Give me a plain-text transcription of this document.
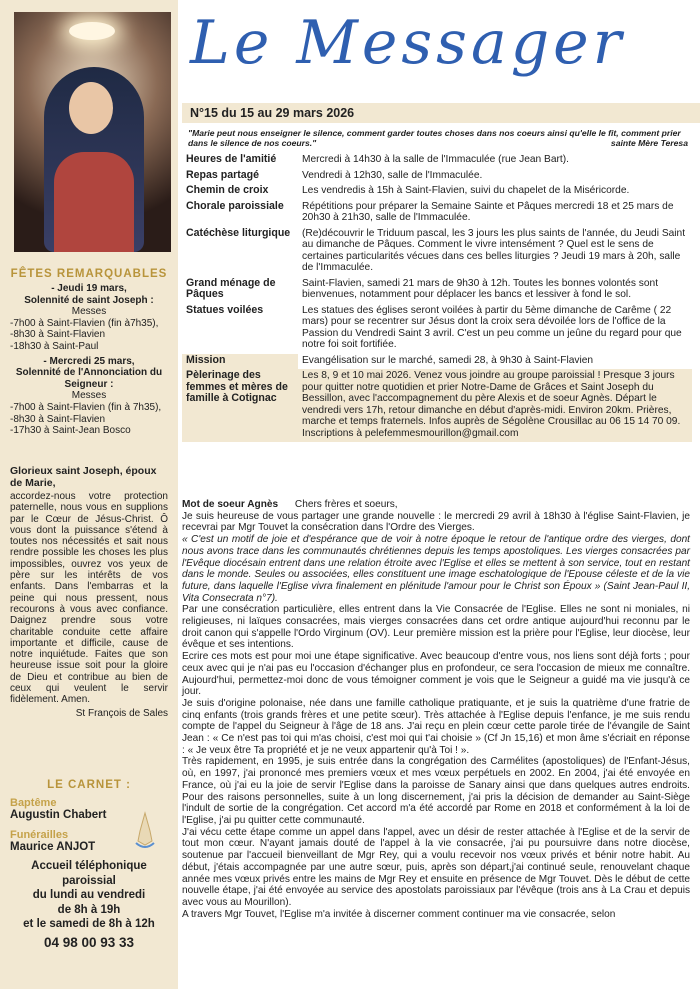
FÊTES REMARQUABLES
- Jeudi 19 mars,
Solennité de saint Joseph :
Messes
-7h00 à Saint-Flavien (fin à7h35),
-8h30 à Saint-Flavien
-18h30 à Saint-Paul
- Mercredi 25 mars,
Solennité de l'Annonciation du Seigneur :
Messes
-7h00 à Saint-Flavien (fin à 7h35),
-8h30 à Saint-Flavien
-17h30 à Saint-Jean Bosco
Glorieux saint Joseph, époux de Marie,
accordez-nous votre protection paternelle, nous vous en supplions par le Cœur de Jésus-Christ. Ô vous dont la puissance s'étend à toutes nos nécessités et sait nous rendre possible les choses les plus impossibles, ouvrez vos yeux de père sur les intérêts de vos enfants. Dans l'embarras et la peine qui nous pressent, nous recourons à vous avec confiance. Daignez prendre sous votre charitable conduite cette affaire importante et difficile, cause de notre inquiétude. Faites que son heureuse issue soit pour la gloire de Dieu et contribue au bien de ceux qui veulent le servir fidèlement. Amen.
St François de Sales
LE CARNET :
Baptême
Augustin Chabert
Funérailles
Maurice ANJOT
Accueil téléphonique
paroissial
du lundi au vendredi
de 8h à 19h
et le samedi de 8h à 12h
04 98 00 93 33
Le Messager
N°15 du 15 au 29 mars 2026
"Marie peut nous enseigner le silence, comment garder toutes choses dans nos coeurs ainsi qu'elle le fit, comment prier dans le silence de nos coeurs."	sainte Mère Teresa
Heures de l'amitié	Mercredi à 14h30 à la salle de l'Immaculée (rue Jean Bart).
Repas partagé	Vendredi à 12h30, salle de l'Immaculée.
Chemin de croix	Les vendredis à 15h à Saint-Flavien, suivi du chapelet de la Miséricorde.
Chorale paroissiale	Répétitions pour préparer la Semaine Sainte et Pâques mercredi 18 et 25 mars de 20h30 à 21h30, salle de l'Immaculée.
Catéchèse liturgique	(Re)découvrir le Triduum pascal, les 3 jours les plus saints de l'année, du Jeudi Saint au dimanche de Pâques. Comment le vivre intensément ? Quel est le sens de certaines particularités vécues dans ces belles liturgies ? Jeudi 19 mars à 20h, salle de l'Immaculée.
Grand ménage de Pâques	Saint-Flavien, samedi 21 mars de 9h30 à 12h. Toutes les bonnes volontés sont bienvenues, notamment pour déplacer les bancs et lessiver à fond le sol.
Statues voilées	Les statues des églises seront voilées à partir du 5ème dimanche de Carême ( 22 mars) pour se recentrer sur Jésus dont la croix sera dévoilée lors de l'office de la Passion du Vendredi Saint 3 avril. C'est un peu comme un jeûne du regard pour que notre foi soit fortifiée.
Mission	Evangélisation sur le marché, samedi 28, à 9h30 à Saint-Flavien
Pèlerinage des femmes et mères de famille à Cotignac	Les 8, 9 et 10 mai 2026. Venez vous joindre au groupe paroissial ! Presque 3 jours pour quitter notre quotidien et prier Notre-Dame de Grâces et Saint Joseph du Bessillon, avec l'accompagnement du père Alexis et de soeur Agnès. Départ le vendredi vers 17h, retour dimanche en début d'après-midi. Environ 20km. Prières, marche et temps fraternels. Infos auprès de Ségolène Crousillac au 06 15 14 70 09. Inscriptions à pelefemmesmourillon@gmail.com
Mot de soeur Agnès Chers frères et soeurs,
Je suis heureuse de vous partager une grande nouvelle : le mercredi 29 avril à 18h30 à l'église Saint-Flavien, je recevrai par Mgr Touvet la consécration dans l'Ordre des Vierges.
« C'est un motif de joie et d'espérance que de voir à notre époque le retour de l'antique ordre des vierges, dont nous avons trace dans les communautés chrétiennes depuis les temps apostoliques. Les vierges consacrées par l'Evêque diocésain entrent dans une relation étroite avec l'Eglise et elles se mettent à son service, tout en restant dans le monde. Seules ou associées, elles constituent une image eschatologique de l'Epouse céleste et de la vie future, dans laquelle l'Eglise vivra finalement en plénitude l'amour pour le Christ son Époux » (Saint Jean-Paul II, Vita Consecrata n°7).
Par une consécration particulière, elles entrent dans la Vie Consacrée de l'Eglise. Elles ne sont ni moniales, ni religieuses, ni laïques consacrées, mais vierges consacrées dans cet ordre antique aujourd'hui reconnu par le droit canon qui s'appelle l'Ordo Virginum (OV). Leur première mission est la prière pour l'Eglise, leur diocèse, leur évêque et ses intentions.
Ecrire ces mots est pour moi une étape significative. Avec beaucoup d'entre vous, nos liens sont déjà forts ; pour ceux avec qui je n'ai pas eu l'occasion d'échanger plus en profondeur, ce sera l'occasion de mieux me connaître. Aujourd'hui, permettez-moi donc de vous témoigner comment je vois que le Seigneur a guidé ma vie jusqu'à ce jour.
Je suis d'origine polonaise, née dans une famille catholique pratiquante, et je suis la quatrième d'une fratrie de cinq enfants (trois grands frères et une petite sœur). Très attachée à l'Eglise depuis l'enfance, je me suis rendu compte de l'appel du Seigneur à l'âge de 18 ans. J'ai reçu en plein cœur cette parole tirée de l'évangile de Saint Jean : « Ce n'est pas toi qui m'as choisi, c'est moi qui t'ai choisie » (Cf Jn 15,16) et mon âme s'écriait en réponse : « Je veux être Ta propriété et je ne veux appartenir qu'à Toi ! ».
Très rapidement, en 1995, je suis entrée dans la congrégation des Carmélites (apostoliques) de l'Enfant-Jésus, où, en 1997, j'ai prononcé mes premiers vœux et mes vœux perpétuels en 2002. En 2004, j'ai été envoyée en France, où j'ai eu la joie de servir l'Eglise dans la paroisse de Sanary ainsi que dans quelques autres endroits. Pour des raisons personnelles, suite à un long discernement, j'ai pris la décision de demander au Saint-Siège l'indult de sortie de la congrégation. Cet accord m'a été accordé par Rome en 2018 et conformément à la loi de l'Eglise, j'ai pu quitter cette communauté.
J'ai vécu cette étape comme un appel dans l'appel, avec un désir de rester attachée à l'Eglise et de la servir de tout mon cœur. N'ayant jamais douté de l'appel à la vie consacrée, j'ai pu poursuivre dans notre diocèse, soutenue par l'accueil bienveillant de Mgr Rey, qui a voulu recevoir nos vœux privés et bénir notre habit. Au début, j'étais accompagnée par une autre sœur, puis, après son départ,j'ai continué seule, renouvelant chaque année mes vœux privés entre les mains de Mgr Rey et ensuite en présence de Mgr Touvet. Dès le début de cette nouvelle étape, j'ai été envoyée au service des apostolats paroissiaux par l'évêque (trois ans à La Crau et depuis avec vous au Mourillon).
A travers Mgr Touvet, l'Eglise m'a invitée à discerner comment continuer ma vie consacrée, selon
